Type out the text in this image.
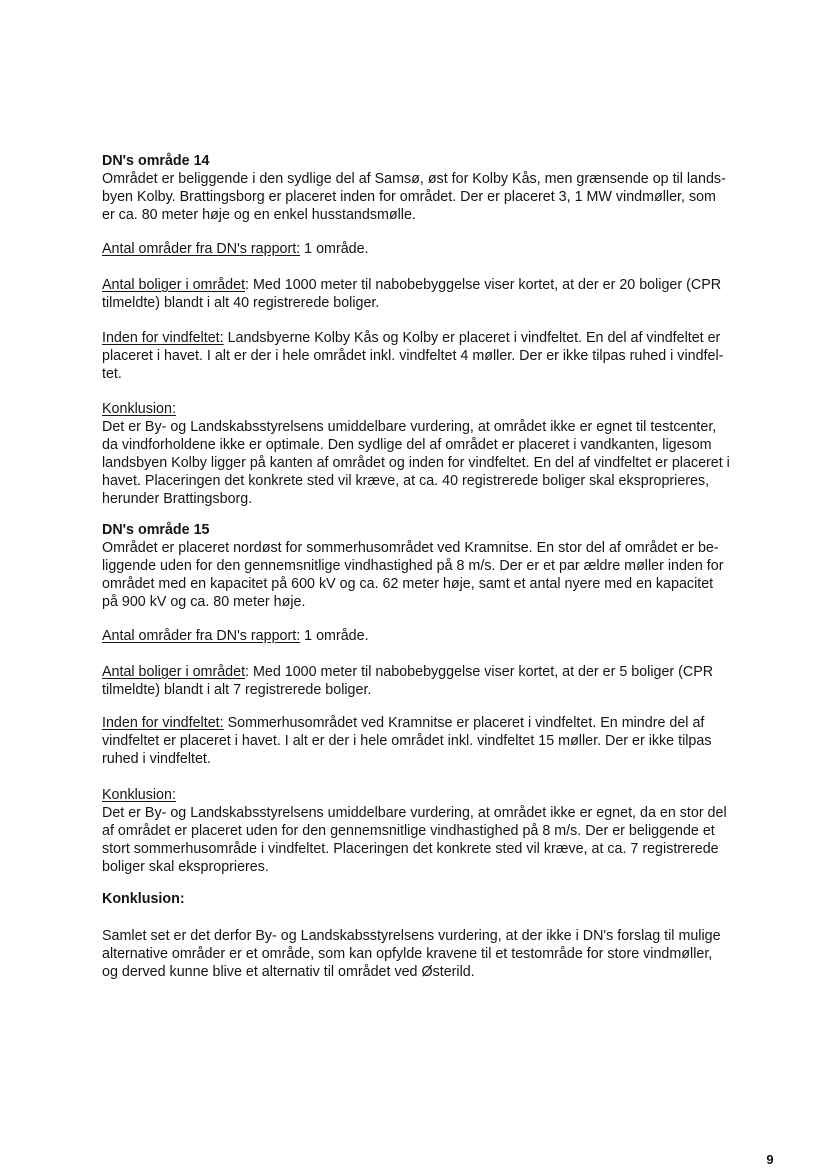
DN's område 14

Området er beliggende i den sydlige del af Samsø, øst for Kolby Kås, men grænsende op til lands-
byen Kolby. Brattingsborg er placeret inden for området. Der er placeret 3, 1 MW vindmøller, som
er ca. 80 meter høje og en enkel husstandsmølle.

Antal områder fra DN's rapport: 1 område.

Antal boliger i området: Med 1000 meter til nabobebyggelse viser kortet, at der er 20 boliger (CPR
tilmeldte) blandt i alt 40 registrerede boliger.
Inden for vindfeltet: Landsbyerne Kolby Kås og Kolby er placeret i vindfeltet. En del af vindfeltet er
placeret i havet. I alt er der i hele området inkl. vindfeltet 4 møller. Der er ikke tilpas ruhed i vindfel-
tet.
Konklusion:
Det er By- og Landskabsstyrelsens umiddelbare vurdering, at området ikke er egnet til testcenter,
da vindforholdene ikke er optimale. Den sydlige del af området er placeret i vandkanten, ligesom
landsbyen Kolby ligger på kanten af området og inden for vindfeltet. En del af vindfeltet er placeret i
havet. Placeringen det konkrete sted vil kræve, at ca. 40 registrerede boliger skal eksproprieres,
herunder Brattingsborg.

DN's område 15

Området er placeret nordøst for sommerhusområdet ved Kramnitse. En stor del af området er be-
liggende uden for den gennemsnitlige vindhastighed på 8 m/s. Der er et par ældre møller inden for
området med en kapacitet på 600 kV og ca. 62 meter høje, samt et antal nyere med en kapacitet
på 900 kV og ca. 80 meter høje.

Antal områder fra DN's rapport: 1 område.

Antal boliger i området: Med 1000 meter til nabobebyggelse viser kortet, at der er 5 boliger (CPR
tilmeldte) blandt i alt 7 registrerede boliger.
Inden for vindfeltet: Sommerhusområdet ved Kramnitse er placeret i vindfeltet. En mindre del af
vindfeltet er placeret i havet. I alt er der i hele området inkl. vindfeltet 15 møller. Der er ikke tilpas
ruhed i vindfeltet.
Konklusion:
Det er By- og Landskabsstyrelsens umiddelbare vurdering, at området ikke er egnet, da en stor del
af området er placeret uden for den gennemsnitlige vindhastighed på 8 m/s. Der er beliggende et
stort sommerhusområde i vindfeltet. Placeringen det konkrete sted vil kræve, at ca. 7 registrerede
boliger skal eksproprieres.

Konklusion:

Samlet set er det derfor By- og Landskabsstyrelsens vurdering, at der ikke i DN's forslag til mulige
alternative områder er et område, som kan opfylde kravene til et testområde for store vindmøller,
og derved kunne blive et alternativ til området ved Østerild.
9
